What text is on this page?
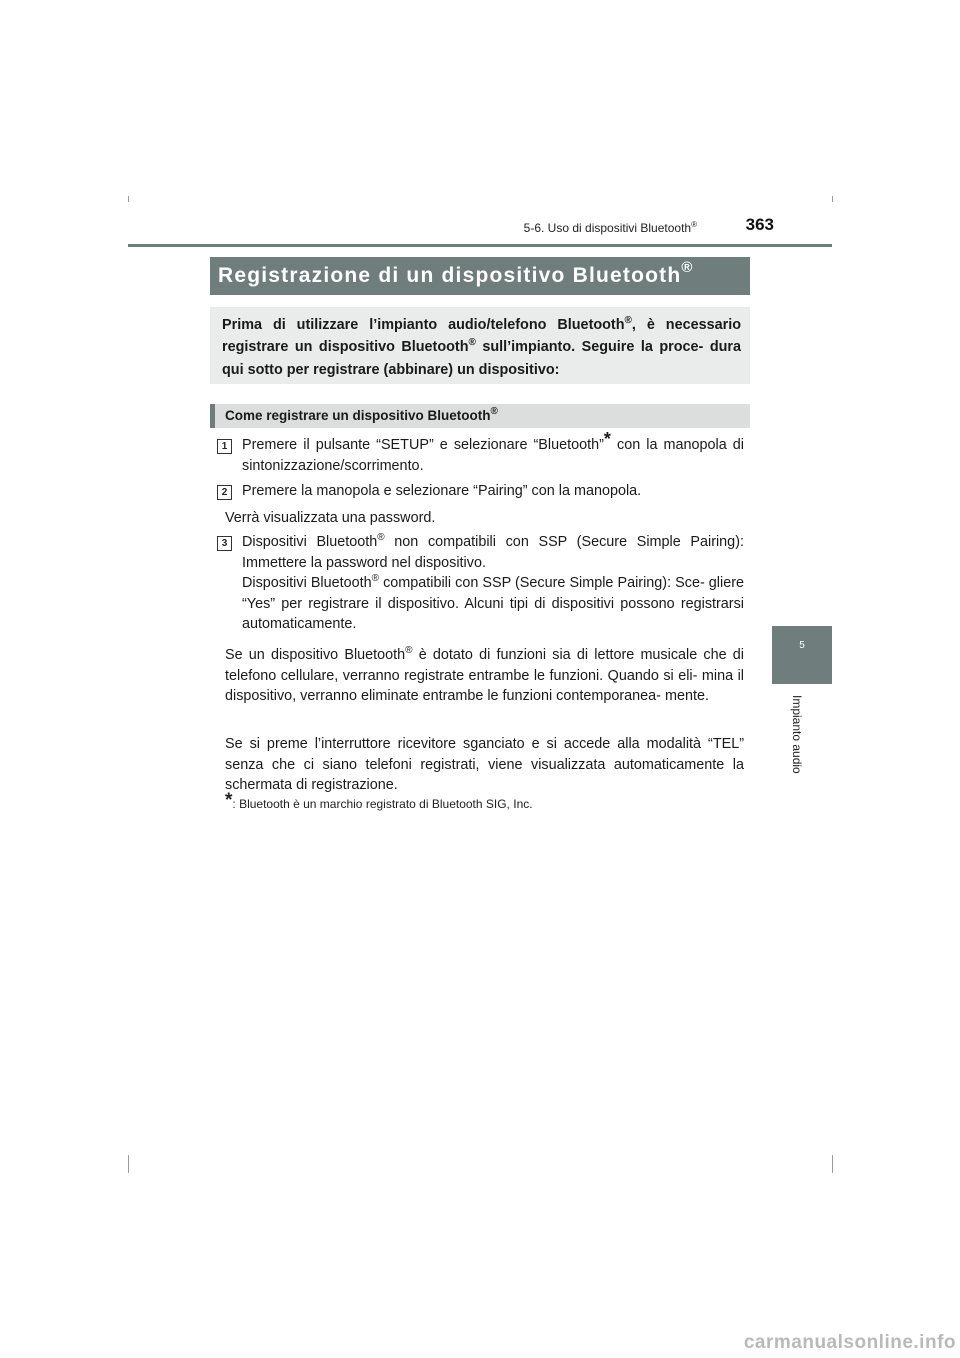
5-6. Uso di dispositivi Bluetooth®	363
Registrazione di un dispositivo Bluetooth®
Prima di utilizzare l’impianto audio/telefono Bluetooth®, è necessario registrare un dispositivo Bluetooth® sull’impianto. Seguire la proce- dura qui sotto per registrare (abbinare) un dispositivo:
Come registrare un dispositivo Bluetooth®
1	Premere il pulsante “SETUP” e selezionare “Bluetooth”* con la manopola di sintonizzazione/scorrimento.
2	Premere la manopola e selezionare “Pairing” con la manopola.
Verrà visualizzata una password.
3	Dispositivi Bluetooth® non compatibili con SSP (Secure Simple Pairing): Immettere la password nel dispositivo.
Dispositivi Bluetooth® compatibili con SSP (Secure Simple Pairing): Sce- gliere “Yes” per registrare il dispositivo. Alcuni tipi di dispositivi possono registrarsi automaticamente.
Se un dispositivo Bluetooth® è dotato di funzioni sia di lettore musicale che di telefono cellulare, verranno registrate entrambe le funzioni. Quando si eli- mina il dispositivo, verranno eliminate entrambe le funzioni contemporanea- mente.
Se si preme l’interruttore ricevitore sganciato e si accede alla modalità “TEL” senza che ci siano telefoni registrati, viene visualizzata automaticamente la schermata di registrazione.
*: Bluetooth è un marchio registrato di Bluetooth SIG, Inc.
5
Impianto audio
carmanualsonline.info
